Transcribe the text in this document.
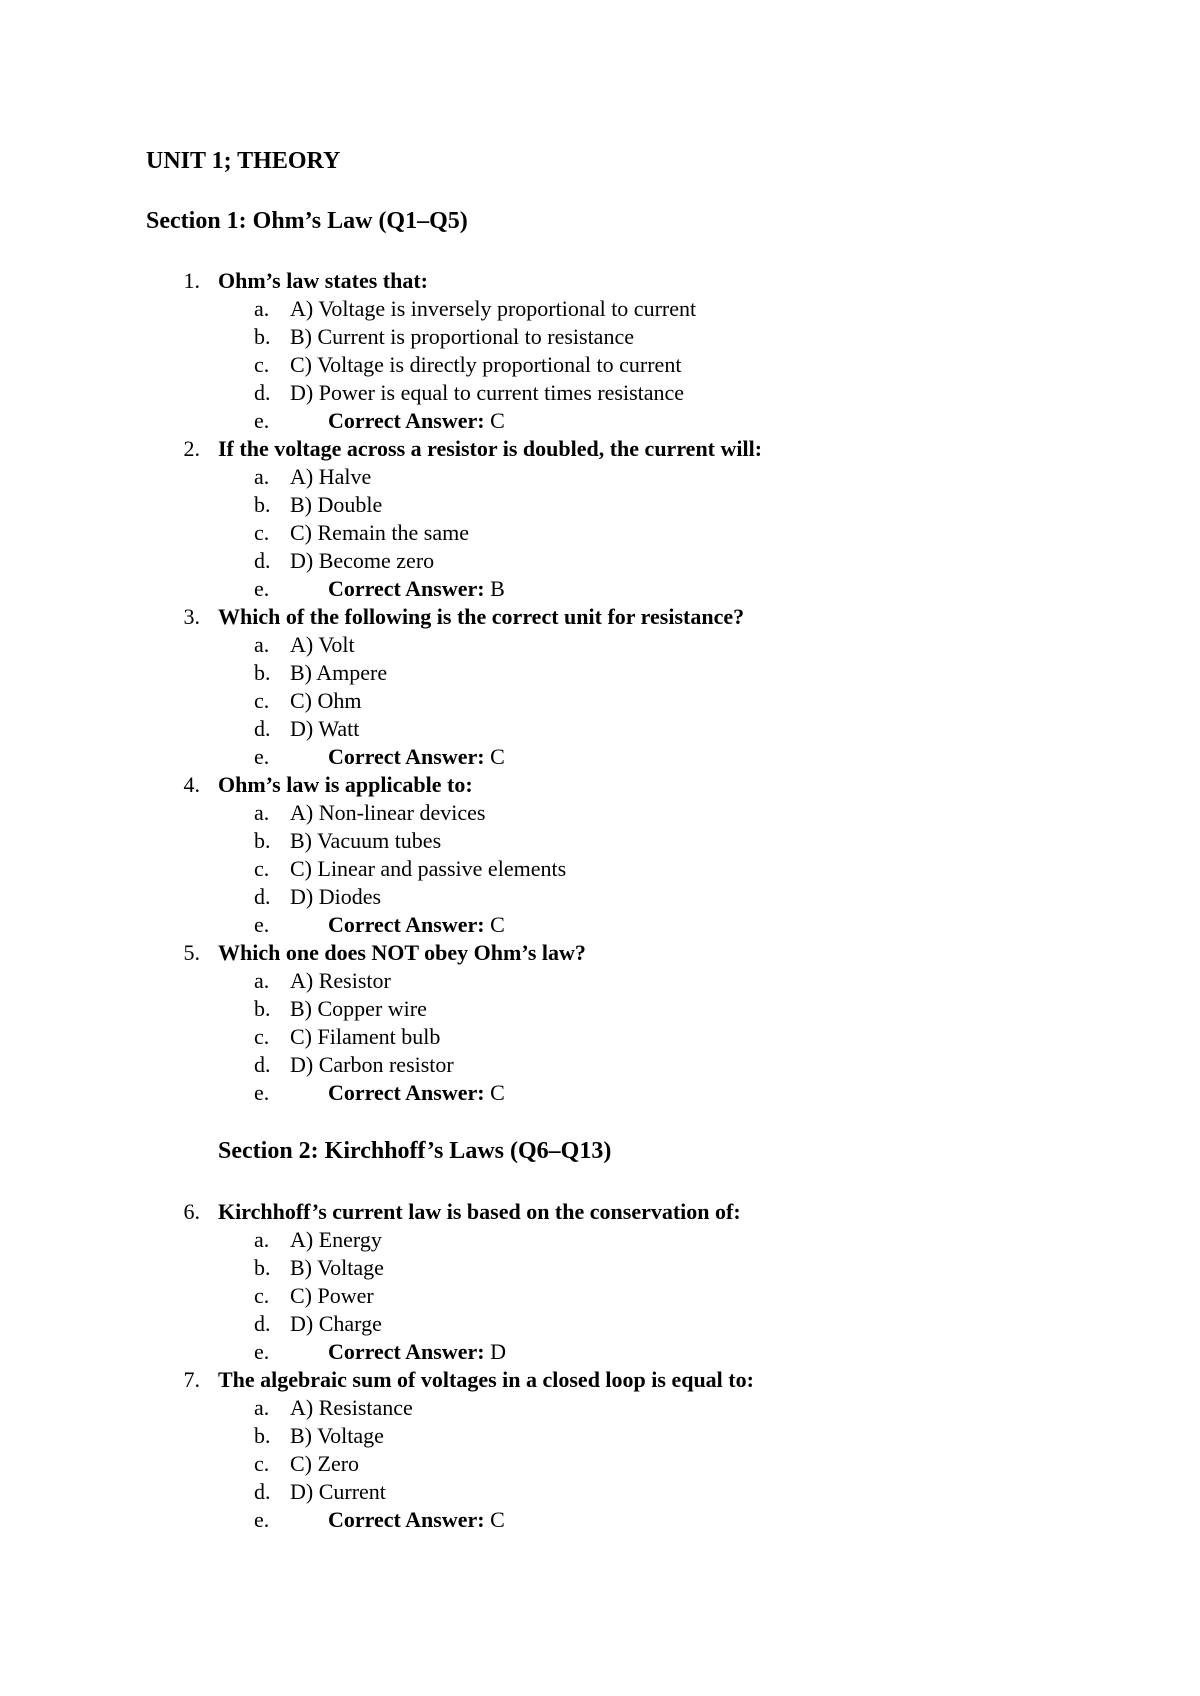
UNIT 1; THEORY
Section 1: Ohm’s Law (Q1–Q5)
1. Ohm’s law states that:
a. A) Voltage is inversely proportional to current
b. B) Current is proportional to resistance
c. C) Voltage is directly proportional to current
d. D) Power is equal to current times resistance
e.	Correct Answer: C
2. If the voltage across a resistor is doubled, the current will:
a. A) Halve
b. B) Double
c. C) Remain the same
d. D) Become zero
e.	Correct Answer: B
3. Which of the following is the correct unit for resistance?
a. A) Volt
b. B) Ampere
c. C) Ohm
d. D) Watt
e.	Correct Answer: C
4. Ohm’s law is applicable to:
a. A) Non-linear devices
b. B) Vacuum tubes
c. C) Linear and passive elements
d. D) Diodes
e.	Correct Answer: C
5. Which one does NOT obey Ohm’s law?
a. A) Resistor
b. B) Copper wire
c. C) Filament bulb
d. D) Carbon resistor
e.	Correct Answer: C
Section 2: Kirchhoff’s Laws (Q6–Q13)
6. Kirchhoff’s current law is based on the conservation of:
a. A) Energy
b. B) Voltage
c. C) Power
d. D) Charge
e.	Correct Answer: D
7. The algebraic sum of voltages in a closed loop is equal to:
a. A) Resistance
b. B) Voltage
c. C) Zero
d. D) Current
e.	Correct Answer: C
